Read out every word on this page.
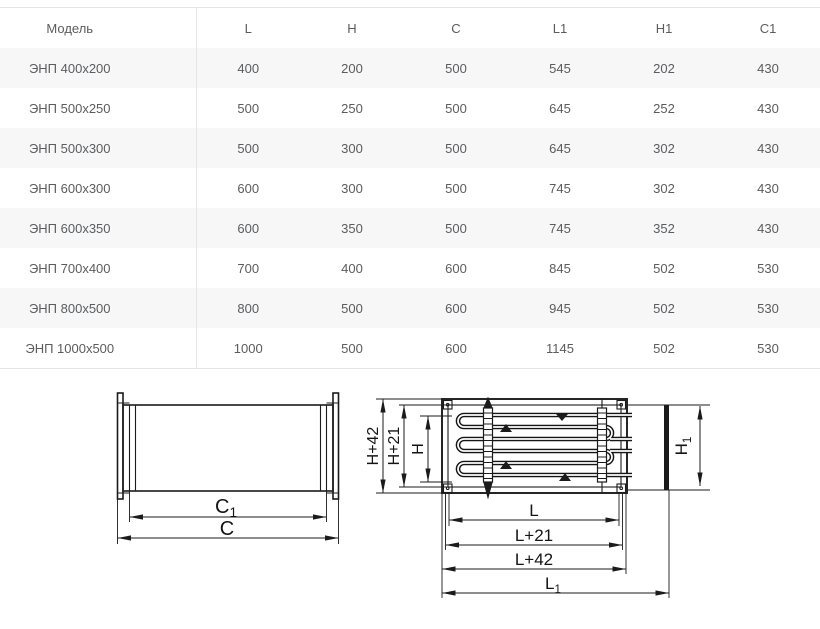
Модель	L	H	C	L1	H1	C1
ЭНП 400x200	400	200	500	545	202	430
ЭНП 500x250	500	250	500	645	252	430
ЭНП 500x300	500	300	500	645	302	430
ЭНП 600x300	600	300	500	745	302	430
ЭНП 600x350	600	350	500	745	352	430
ЭНП 700x400	700	400	600	845	502	530
ЭНП 800x500	800	500	600	945	502	530
ЭНП 1000x500	1000	500	600	1145	502	530
$C_1$
C
H+42 H+21 H	$H_1$
L
L+21
L+42
$L_1$
